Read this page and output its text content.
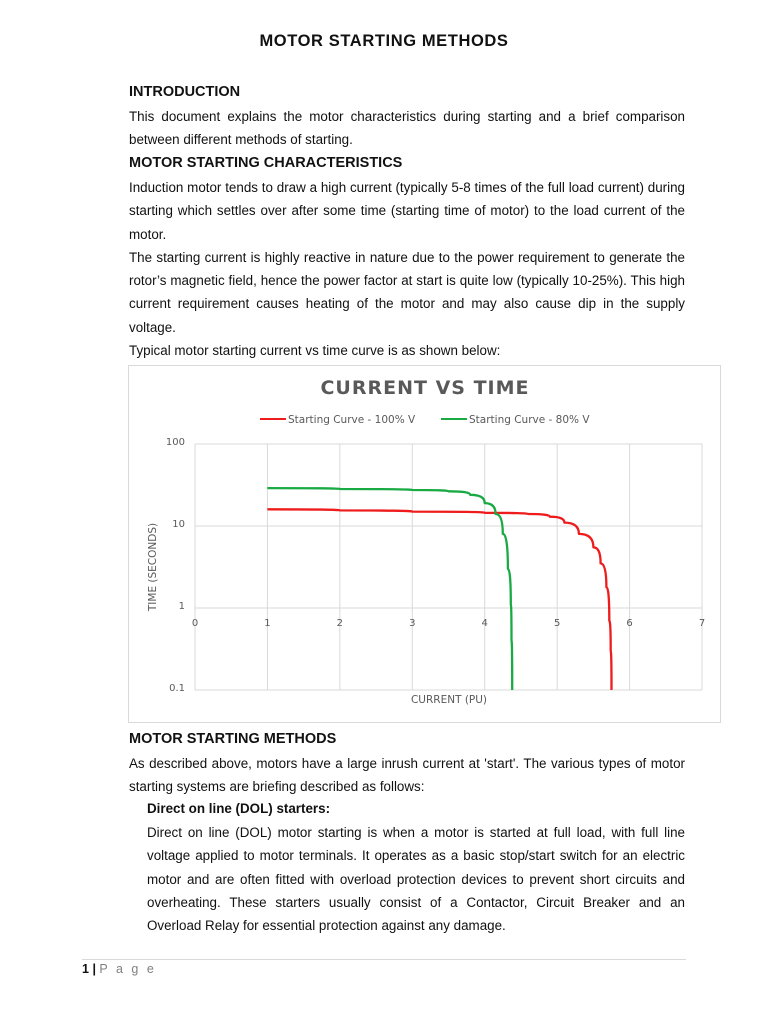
MOTOR STARTING METHODS
INTRODUCTION

This document explains the motor characteristics during starting and a brief comparison between different methods of starting.

MOTOR STARTING CHARACTERISTICS

Induction motor tends to draw a high current (typically 5-8 times of the full load current) during starting which settles over after some time (starting time of motor) to the load current of the motor.

The starting current is highly reactive in nature due to the power requirement to generate the rotor’s magnetic field, hence the power factor at start is quite low (typically 10-25%). This high current requirement causes heating of the motor and may also cause dip in the supply voltage.

Typical motor starting current vs time curve is as shown below:

CURRENT VS TIME
Starting Curve - 100% V	Starting Curve - 80% V
100
10
1
0.1
0	1	2	3	4	5	6	7
CURRENT (PU)
TIME (SECONDS)
MOTOR STARTING METHODS

As described above, motors have a large inrush current at 'start'. The various types of motor starting systems are briefing described as follows:

Direct on line (DOL) starters:

Direct on line (DOL) motor starting is when a motor is started at full load, with full line voltage applied to motor terminals. It operates as a basic stop/start switch for an electric motor and are often fitted with overload protection devices to prevent short circuits and overheating. These starters usually consist of a Contactor, Circuit Breaker and an Overload Relay for essential protection against any damage.

1 | P a g e
